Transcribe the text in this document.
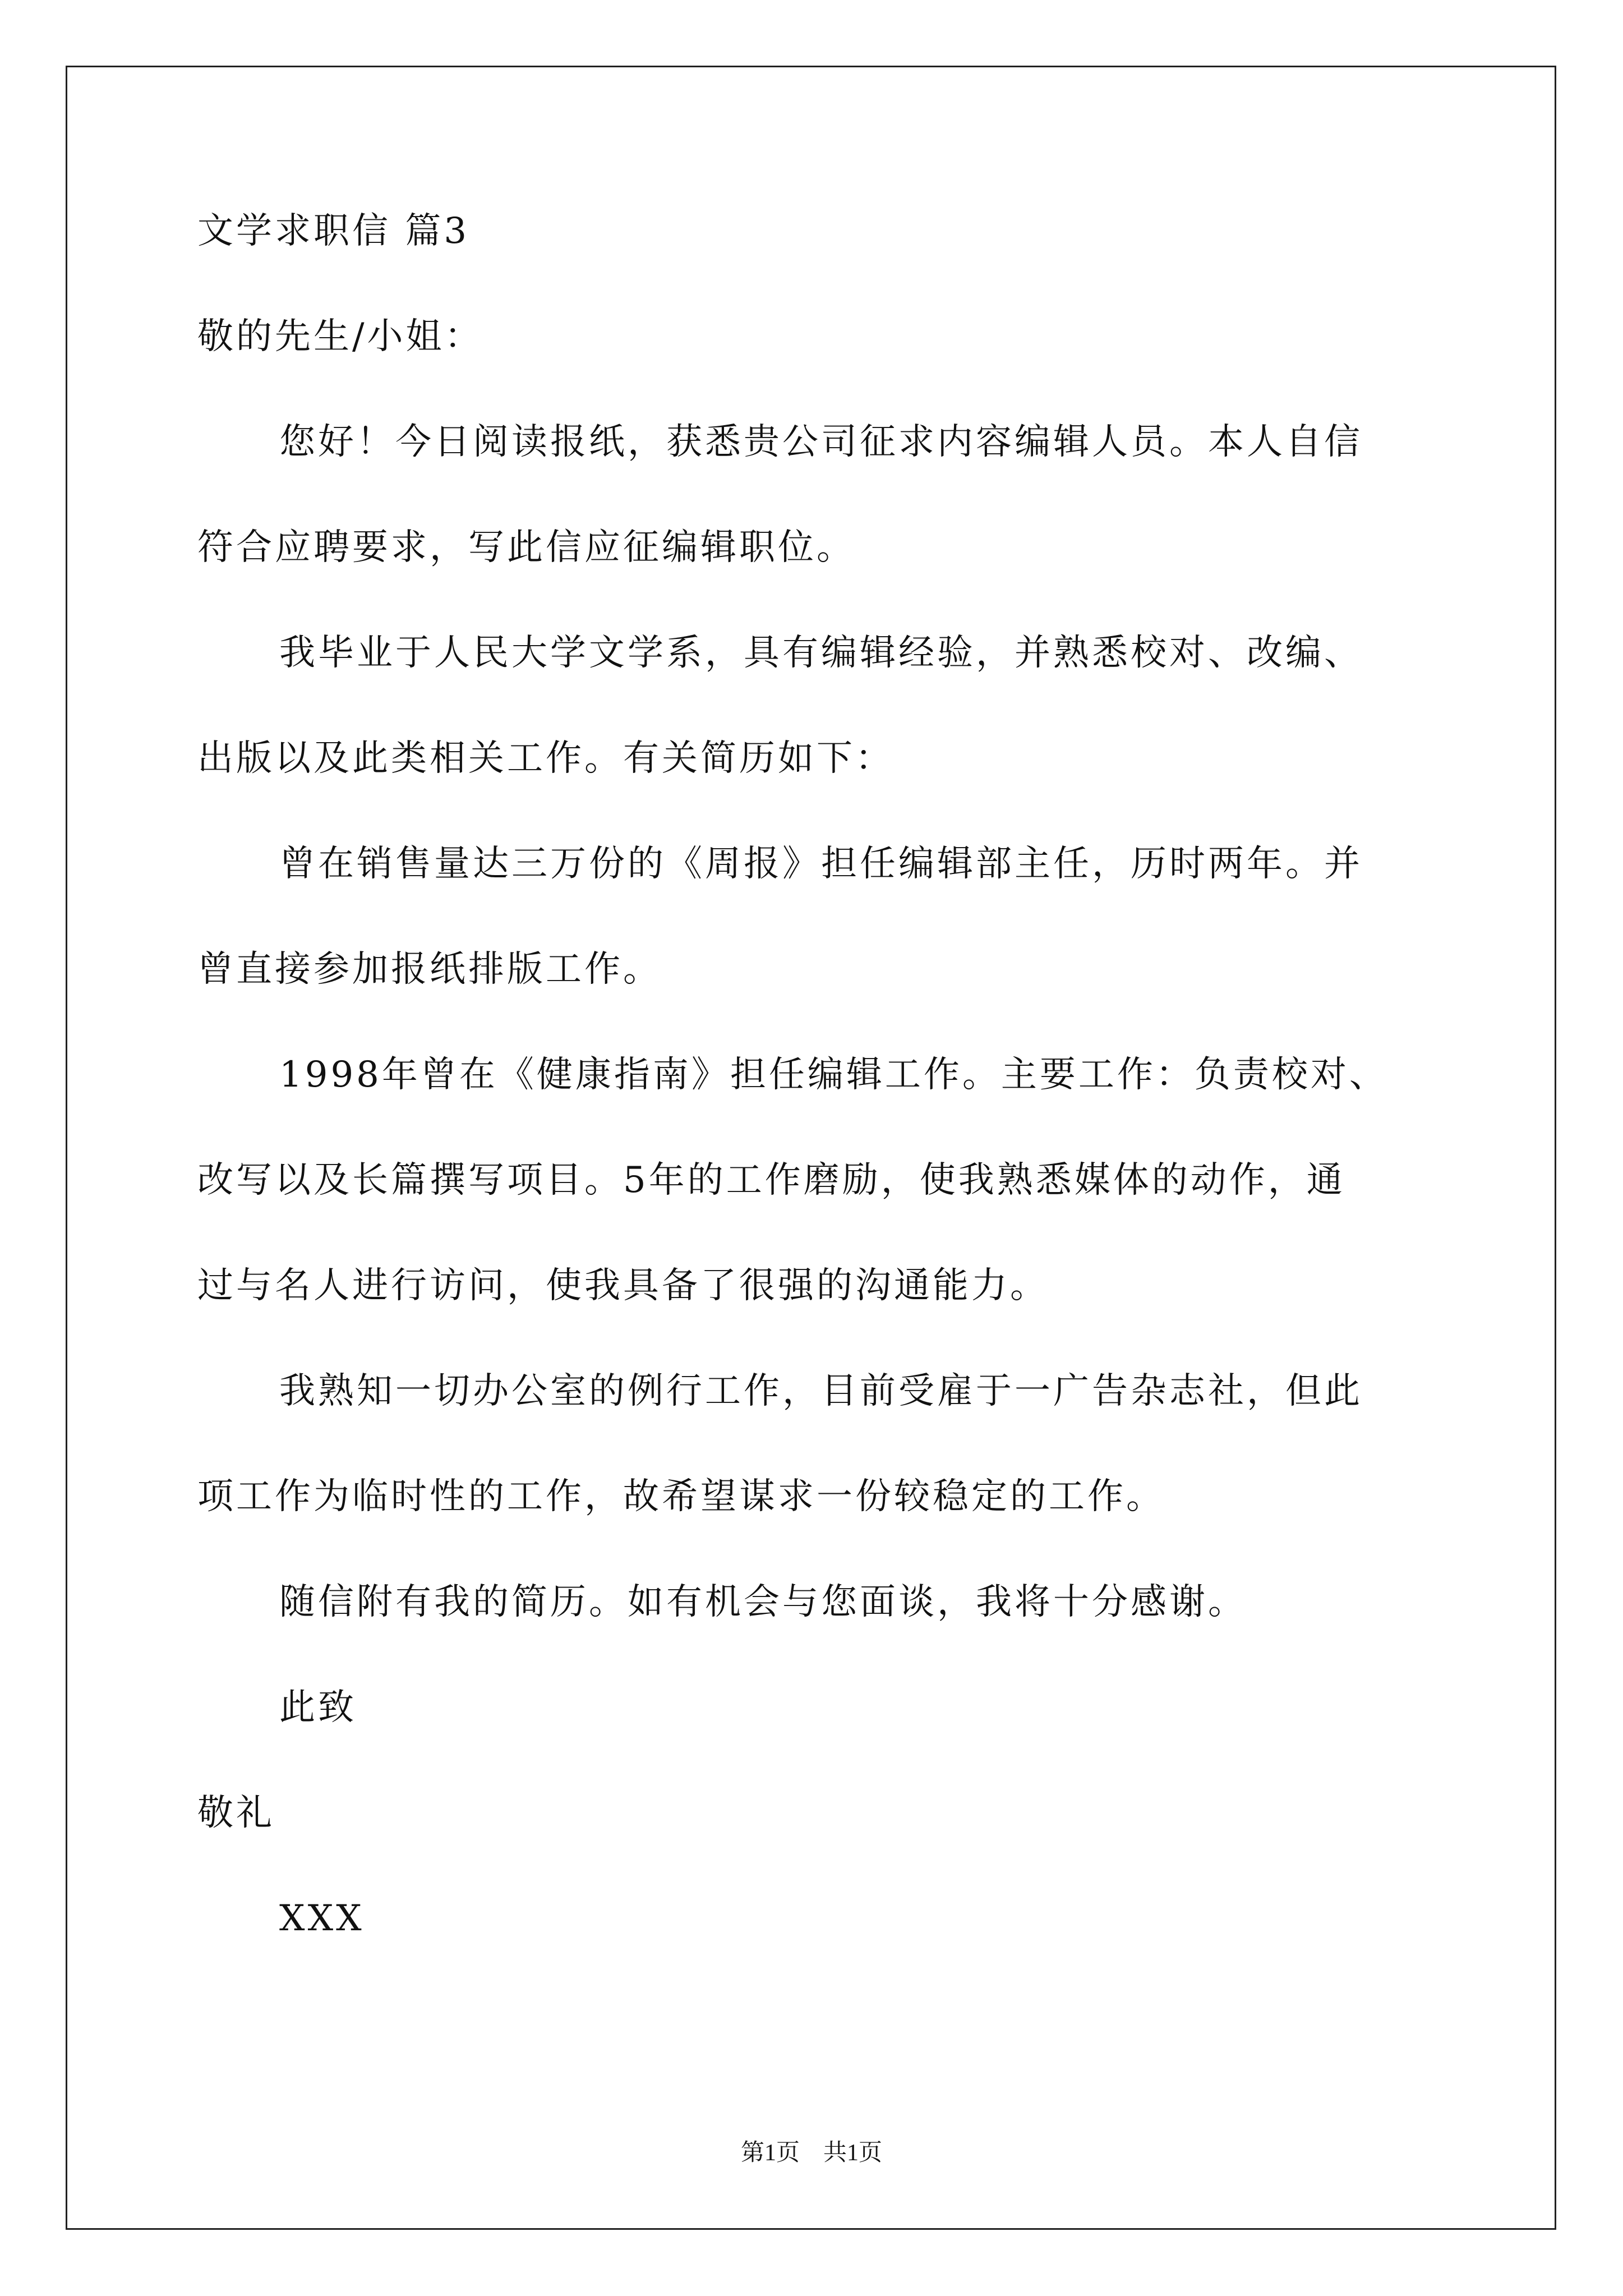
文学求职信 篇3
敬的先生/小姐：
您好！今日阅读报纸，获悉贵公司征求内容编辑人员。本人自信
符合应聘要求，写此信应征编辑职位。
我毕业于人民大学文学系，具有编辑经验，并熟悉校对、改编、
出版以及此类相关工作。有关简历如下：
曾在销售量达三万份的《周报》担任编辑部主任，历时两年。并
曾直接参加报纸排版工作。
1998年曾在《健康指南》担任编辑工作。主要工作：负责校对、
改写以及长篇撰写项目。5年的工作磨励，使我熟悉媒体的动作，通
过与名人进行访问，使我具备了很强的沟通能力。
我熟知一切办公室的例行工作，目前受雇于一广告杂志社，但此
项工作为临时性的工作，故希望谋求一份较稳定的工作。
随信附有我的简历。如有机会与您面谈，我将十分感谢。
此致
敬礼
XXX
第1页　共1页
